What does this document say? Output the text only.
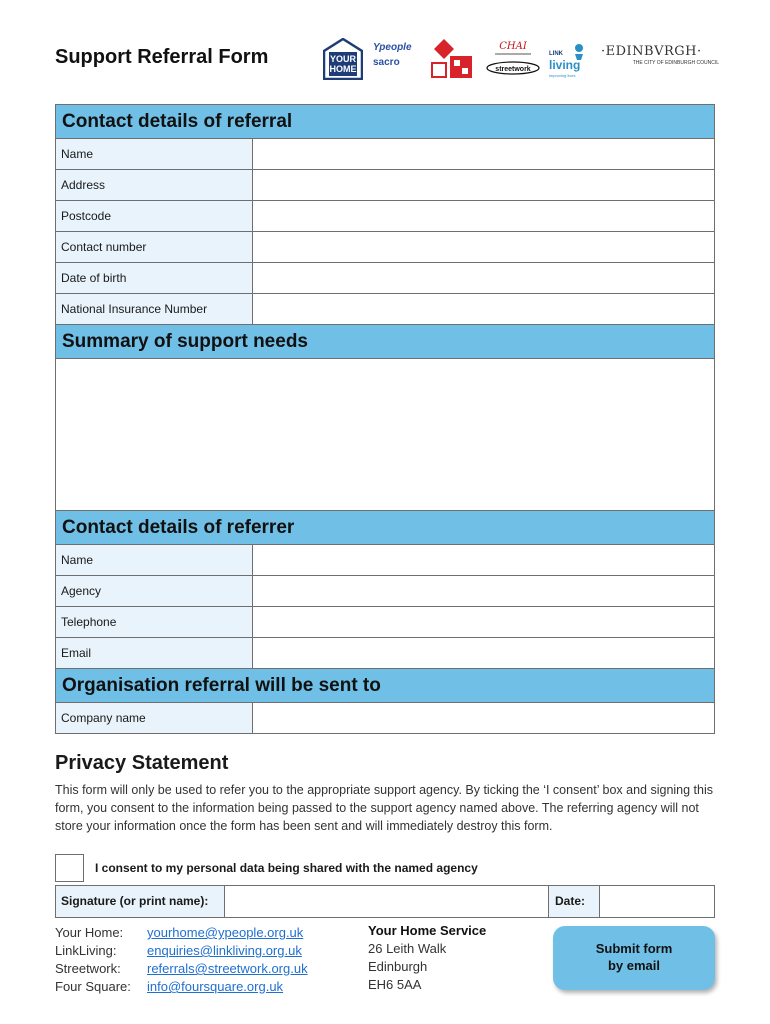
Support Referral Form	YOUR
HOME
Ypeople
sacro
CHAI
streetwork
LINK
living
improving lives
·EDINBVRGH·
THE CITY OF EDINBURGH COUNCIL
Contact details of referral
Name	
Address	
Postcode	
Contact number	
Date of birth	
National Insurance Number	
Summary of support needs
Contact details of referrer
Name	
Agency	
Telephone	
Email	
Organisation referral will be sent to
Company name	
Privacy Statement
This form will only be used to refer you to the appropriate support agency. By ticking the ‘I consent’ box and signing this form, you consent to the information being passed to the support agency named above. The referring agency will not store your information once the form has been sent and will immediately destroy this form.
I consent to my personal data being shared with the named agency
Signature (or print name):	Date:
Your Home: yourhome@ypeople.org.uk
LinkLiving: enquiries@linkliving.org.uk
Streetwork: referrals@streetwork.org.uk
Four Square: info@foursquare.org.uk
Your Home Service
26 Leith Walk
Edinburgh
EH6 5AA
Submit form
by email
